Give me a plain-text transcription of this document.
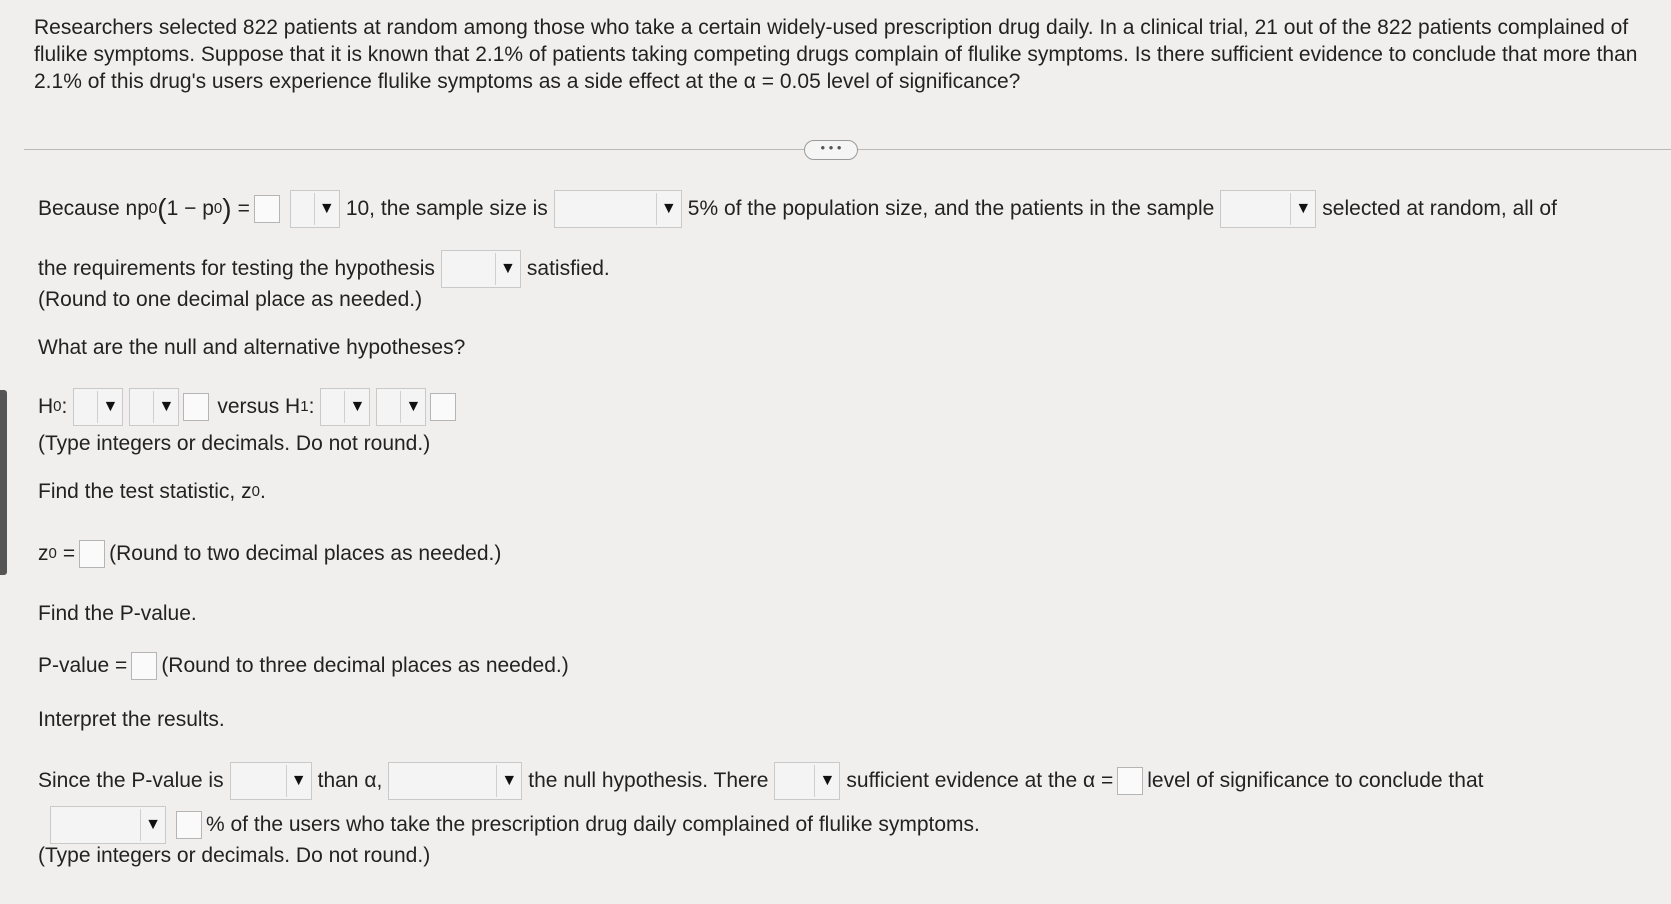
Researchers selected 822 patients at random among those who take a certain widely-used prescription drug daily. In a clinical trial, 21 out of the 822 patients complained of flulike symptoms. Suppose that it is known that 2.1% of patients taking competing drugs complain of flulike symptoms. Is there sufficient evidence to conclude that more than 2.1% of this drug's users experience flulike symptoms as a side effect at the α = 0.05 level of significance?
• • •
Because np 0 ( 1 − p 0 ) =	▼ 10, the sample size is	▼ 5% of the population size, and the patients in the sample	▼ selected at random, all of
the requirements for testing the hypothesis	▼ satisfied.
(Round to one decimal place as needed.)
What are the null and alternative hypotheses?
H 0 :	▼	▼ versus H 1 :	▼	▼
(Type integers or decimals. Do not round.)
Find the test statistic, z 0 .
z 0 = (Round to two decimal places as needed.)
Find the P-value.
P-value = (Round to three decimal places as needed.)
Interpret the results.
Since the P-value is	▼ than α,	▼ the null hypothesis. There	▼ sufficient evidence at the α = level of significance to conclude that
▼ % of the users who take the prescription drug daily complained of flulike symptoms.
(Type integers or decimals. Do not round.)
